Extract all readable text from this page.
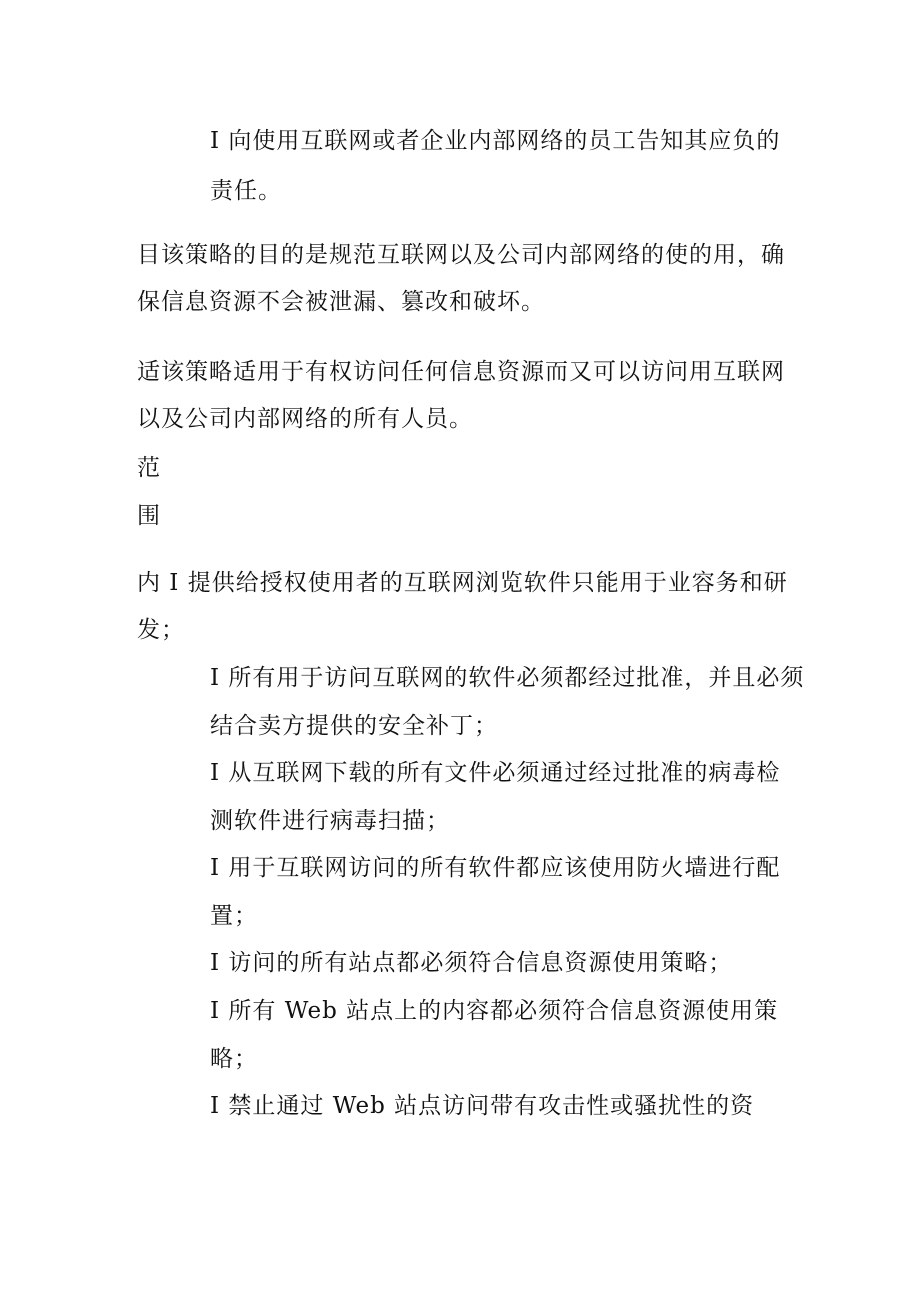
I 向使用互联网或者企业内部网络的员工告知其应负的

责任。

目该策略的目的是规范互联网以及公司内部网络的使的用，确

保信息资源不会被泄漏、篡改和破坏。

适该策略适用于有权访问任何信息资源而又可以访问用互联网

以及公司内部网络的所有人员。

范

围

内 I 提供给授权使用者的互联网浏览软件只能用于业容务和研

发；

I 所有用于访问互联网的软件必须都经过批准，并且必须

结合卖方提供的安全补丁；

I 从互联网下载的所有文件必须通过经过批准的病毒检

测软件进行病毒扫描；

I 用于互联网访问的所有软件都应该使用防火墙进行配

置；

I 访问的所有站点都必须符合信息资源使用策略；

I 所有 Web 站点上的内容都必须符合信息资源使用策

略；

I 禁止通过 Web 站点访问带有攻击性或骚扰性的资
